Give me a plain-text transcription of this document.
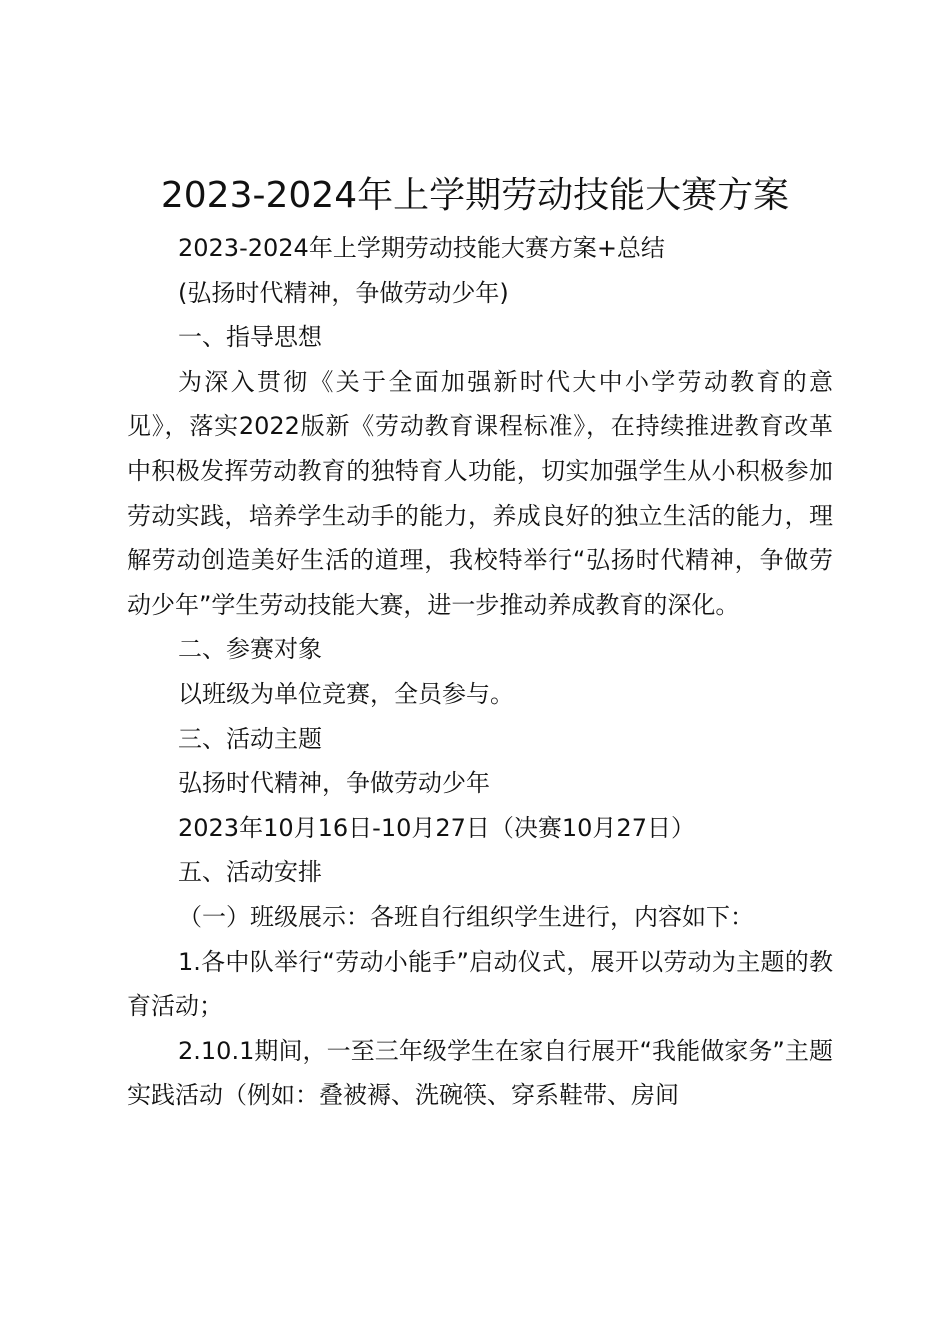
2023-2024年上学期劳动技能大赛方案

2023-2024年上学期劳动技能大赛方案+总结

(弘扬时代精神，争做劳动少年)

一、指导思想

为深入贯彻《关于全面加强新时代大中小学劳动教育的意见》，落实2022版新《劳动教育课程标准》，在持续推进教育改革中积极发挥劳动教育的独特育人功能，切实加强学生从小积极参加劳动实践，培养学生动手的能力，养成良好的独立生活的能力，理解劳动创造美好生活的道理，我校特举行“弘扬时代精神，争做劳动少年”学生劳动技能大赛，进一步推动养成教育的深化。

二、参赛对象

以班级为单位竞赛，全员参与。

三、活动主题

弘扬时代精神，争做劳动少年

2023年10月16日-10月27日（决赛10月27日）

五、活动安排

（一）班级展示：各班自行组织学生进行，内容如下：

1.各中队举行“劳动小能手”启动仪式，展开以劳动为主题的教育活动；

2.10.1期间，一至三年级学生在家自行展开“我能做家务”主题实践活动（例如：叠被褥、洗碗筷、穿系鞋带、房间
